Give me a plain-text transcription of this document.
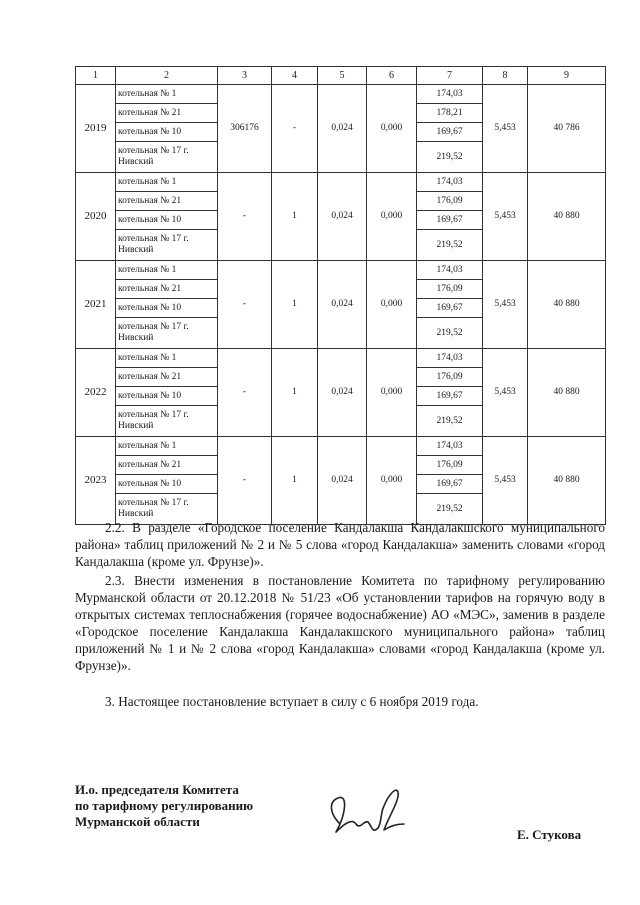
1	2	3	4	5	6	7	8	9
2019	котельная № 1	306176	-	0,024	0,000	174,03	5,453	40 786
	котельная № 21					178,21		
	котельная № 10					169,67		
	котельная № 17 г. Нивский					219,52		
2020	котельная № 1	-	1	0,024	0,000	174,03	5,453	40 880
	котельная № 21					176,09		
	котельная № 10					169,67		
	котельная № 17 г. Нивский					219,52		
2021	котельная № 1	-	1	0,024	0,000	174,03	5,453	40 880
	котельная № 21					176,09		
	котельная № 10					169,67		
	котельная № 17 г. Нивский					219,52		
2022	котельная № 1	-	1	0,024	0,000	174,03	5,453	40 880
	котельная № 21					176,09		
	котельная № 10					169,67		
	котельная № 17 г. Нивский					219,52		
2023	котельная № 1	-	1	0,024	0,000	174,03	5,453	40 880
	котельная № 21					176,09		
	котельная № 10					169,67		
	котельная № 17 г. Нивский					219,52		

2.2. В разделе «Городское поселение Кандалакша Кандалакшского муниципального района» таблиц приложений № 2 и № 5 слова «город Кандалакша» заменить словами «город Кандалакша (кроме ул. Фрунзе)».

2.3. Внести изменения в постановление Комитета по тарифному регулированию Мурманской области от 20.12.2018 № 51/23 «Об установлении тарифов на горячую воду в открытых системах теплоснабжения (горячее водоснабжение) АО «МЭС», заменив в разделе «Городское поселение Кандалакша Кандалакшского муниципального района» таблиц приложений № 1 и № 2 слова «город Кандалакша» словами «город Кандалакша (кроме ул. Фрунзе)».

3. Настоящее постановление вступает в силу с 6 ноября 2019 года.

И.о. председателя Комитета
по тарифному регулированию
Мурманской области
Е. Стукова
